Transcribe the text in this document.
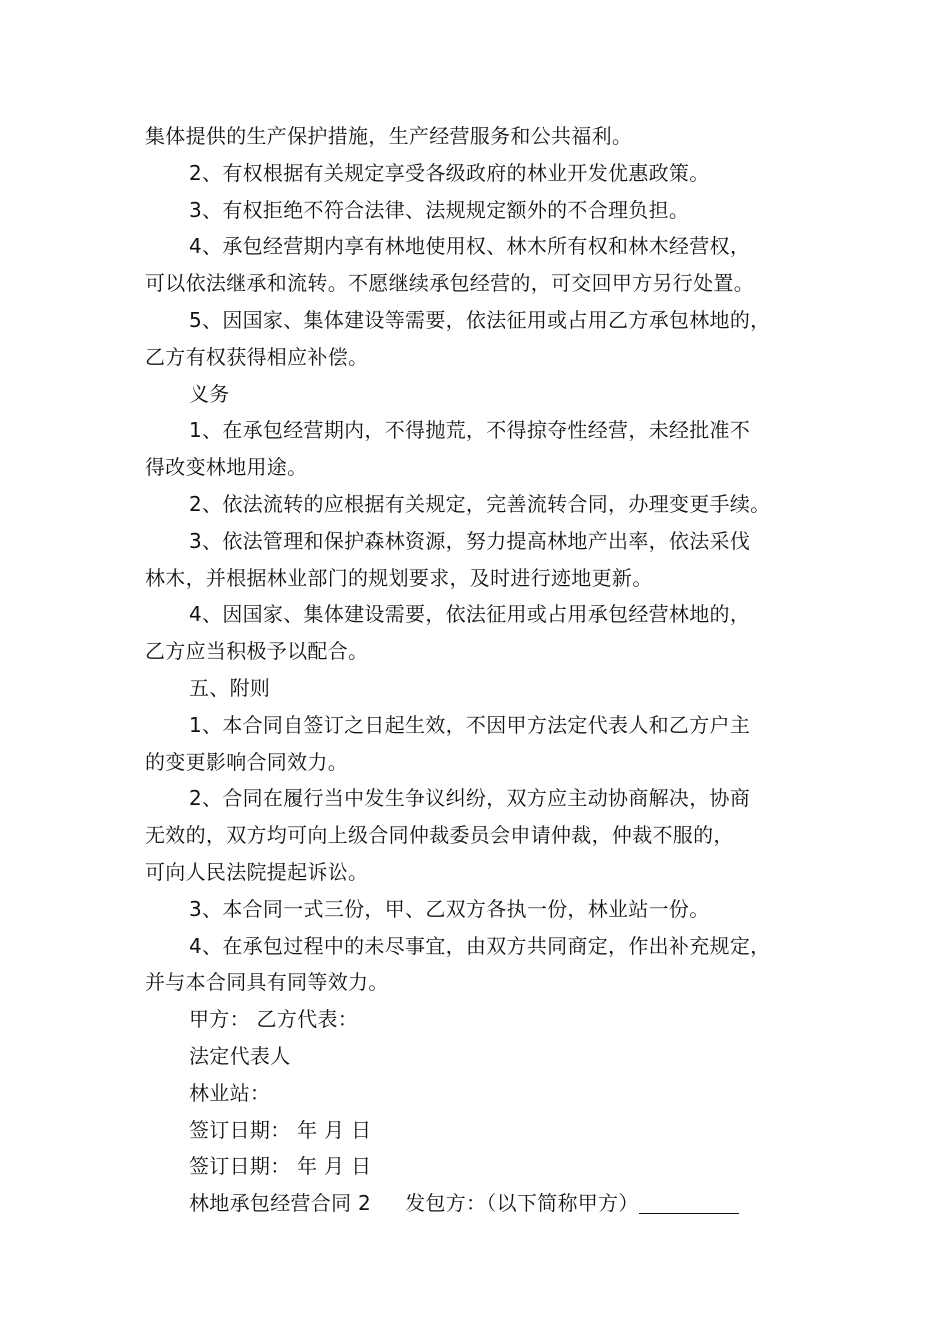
集体提供的生产保护措施，生产经营服务和公共福利。
2、有权根据有关规定享受各级政府的林业开发优惠政策。
3、有权拒绝不符合法律、法规规定额外的不合理负担。
4、承包经营期内享有林地使用权、林木所有权和林木经营权，
可以依法继承和流转。不愿继续承包经营的，可交回甲方另行处置。
5、因国家、集体建设等需要，依法征用或占用乙方承包林地的，
乙方有权获得相应补偿。
义务
1、在承包经营期内，不得抛荒，不得掠夺性经营，未经批准不
得改变林地用途。
2、依法流转的应根据有关规定，完善流转合同，办理变更手续。
3、依法管理和保护森林资源，努力提高林地产出率，依法采伐
林木，并根据林业部门的规划要求，及时进行迹地更新。
4、因国家、集体建设需要，依法征用或占用承包经营林地的，
乙方应当积极予以配合。
五、附则
1、本合同自签订之日起生效，不因甲方法定代表人和乙方户主
的变更影响合同效力。
2、合同在履行当中发生争议纠纷，双方应主动协商解决，协商
无效的，双方均可向上级合同仲裁委员会申请仲裁，仲裁不服的，
可向人民法院提起诉讼。
3、本合同一式三份，甲、乙双方各执一份，林业站一份。
4、在承包过程中的未尽事宜，由双方共同商定，作出补充规定，
并与本合同具有同等效力。
甲方： 乙方代表：
法定代表人
林业站：
签订日期： 年 月 日
签订日期： 年 月 日
林地承包经营合同 2 发包方：（以下简称甲方）
